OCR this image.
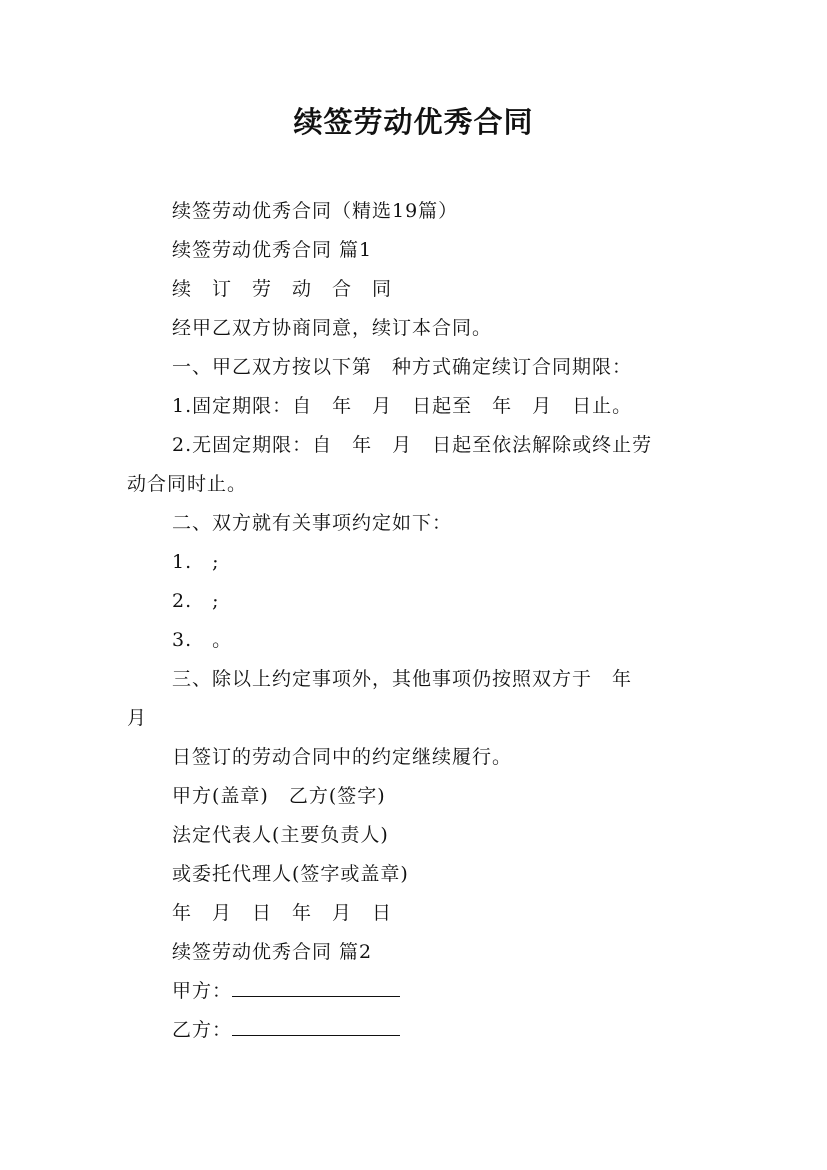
续签劳动优秀合同
续签劳动优秀合同（精选19篇）
续签劳动优秀合同 篇1
续　订　劳　动　合　同
经甲乙双方协商同意，续订本合同。
一、甲乙双方按以下第　种方式确定续订合同期限：
1.固定期限：自　年　月　日起至　年　月　日止。
2.无固定期限：自　年　月　日起至依法解除或终止劳
动合同时止。
二、双方就有关事项约定如下：
1.　;
2.　;
3.　。
三、除以上约定事项外，其他事项仍按照双方于　年
月
日签订的劳动合同中的约定继续履行。
甲方(盖章)　乙方(签字)
法定代表人(主要负责人)
或委托代理人(签字或盖章)
年　月　日　年　月　日
续签劳动优秀合同 篇2
甲方：
乙方：
